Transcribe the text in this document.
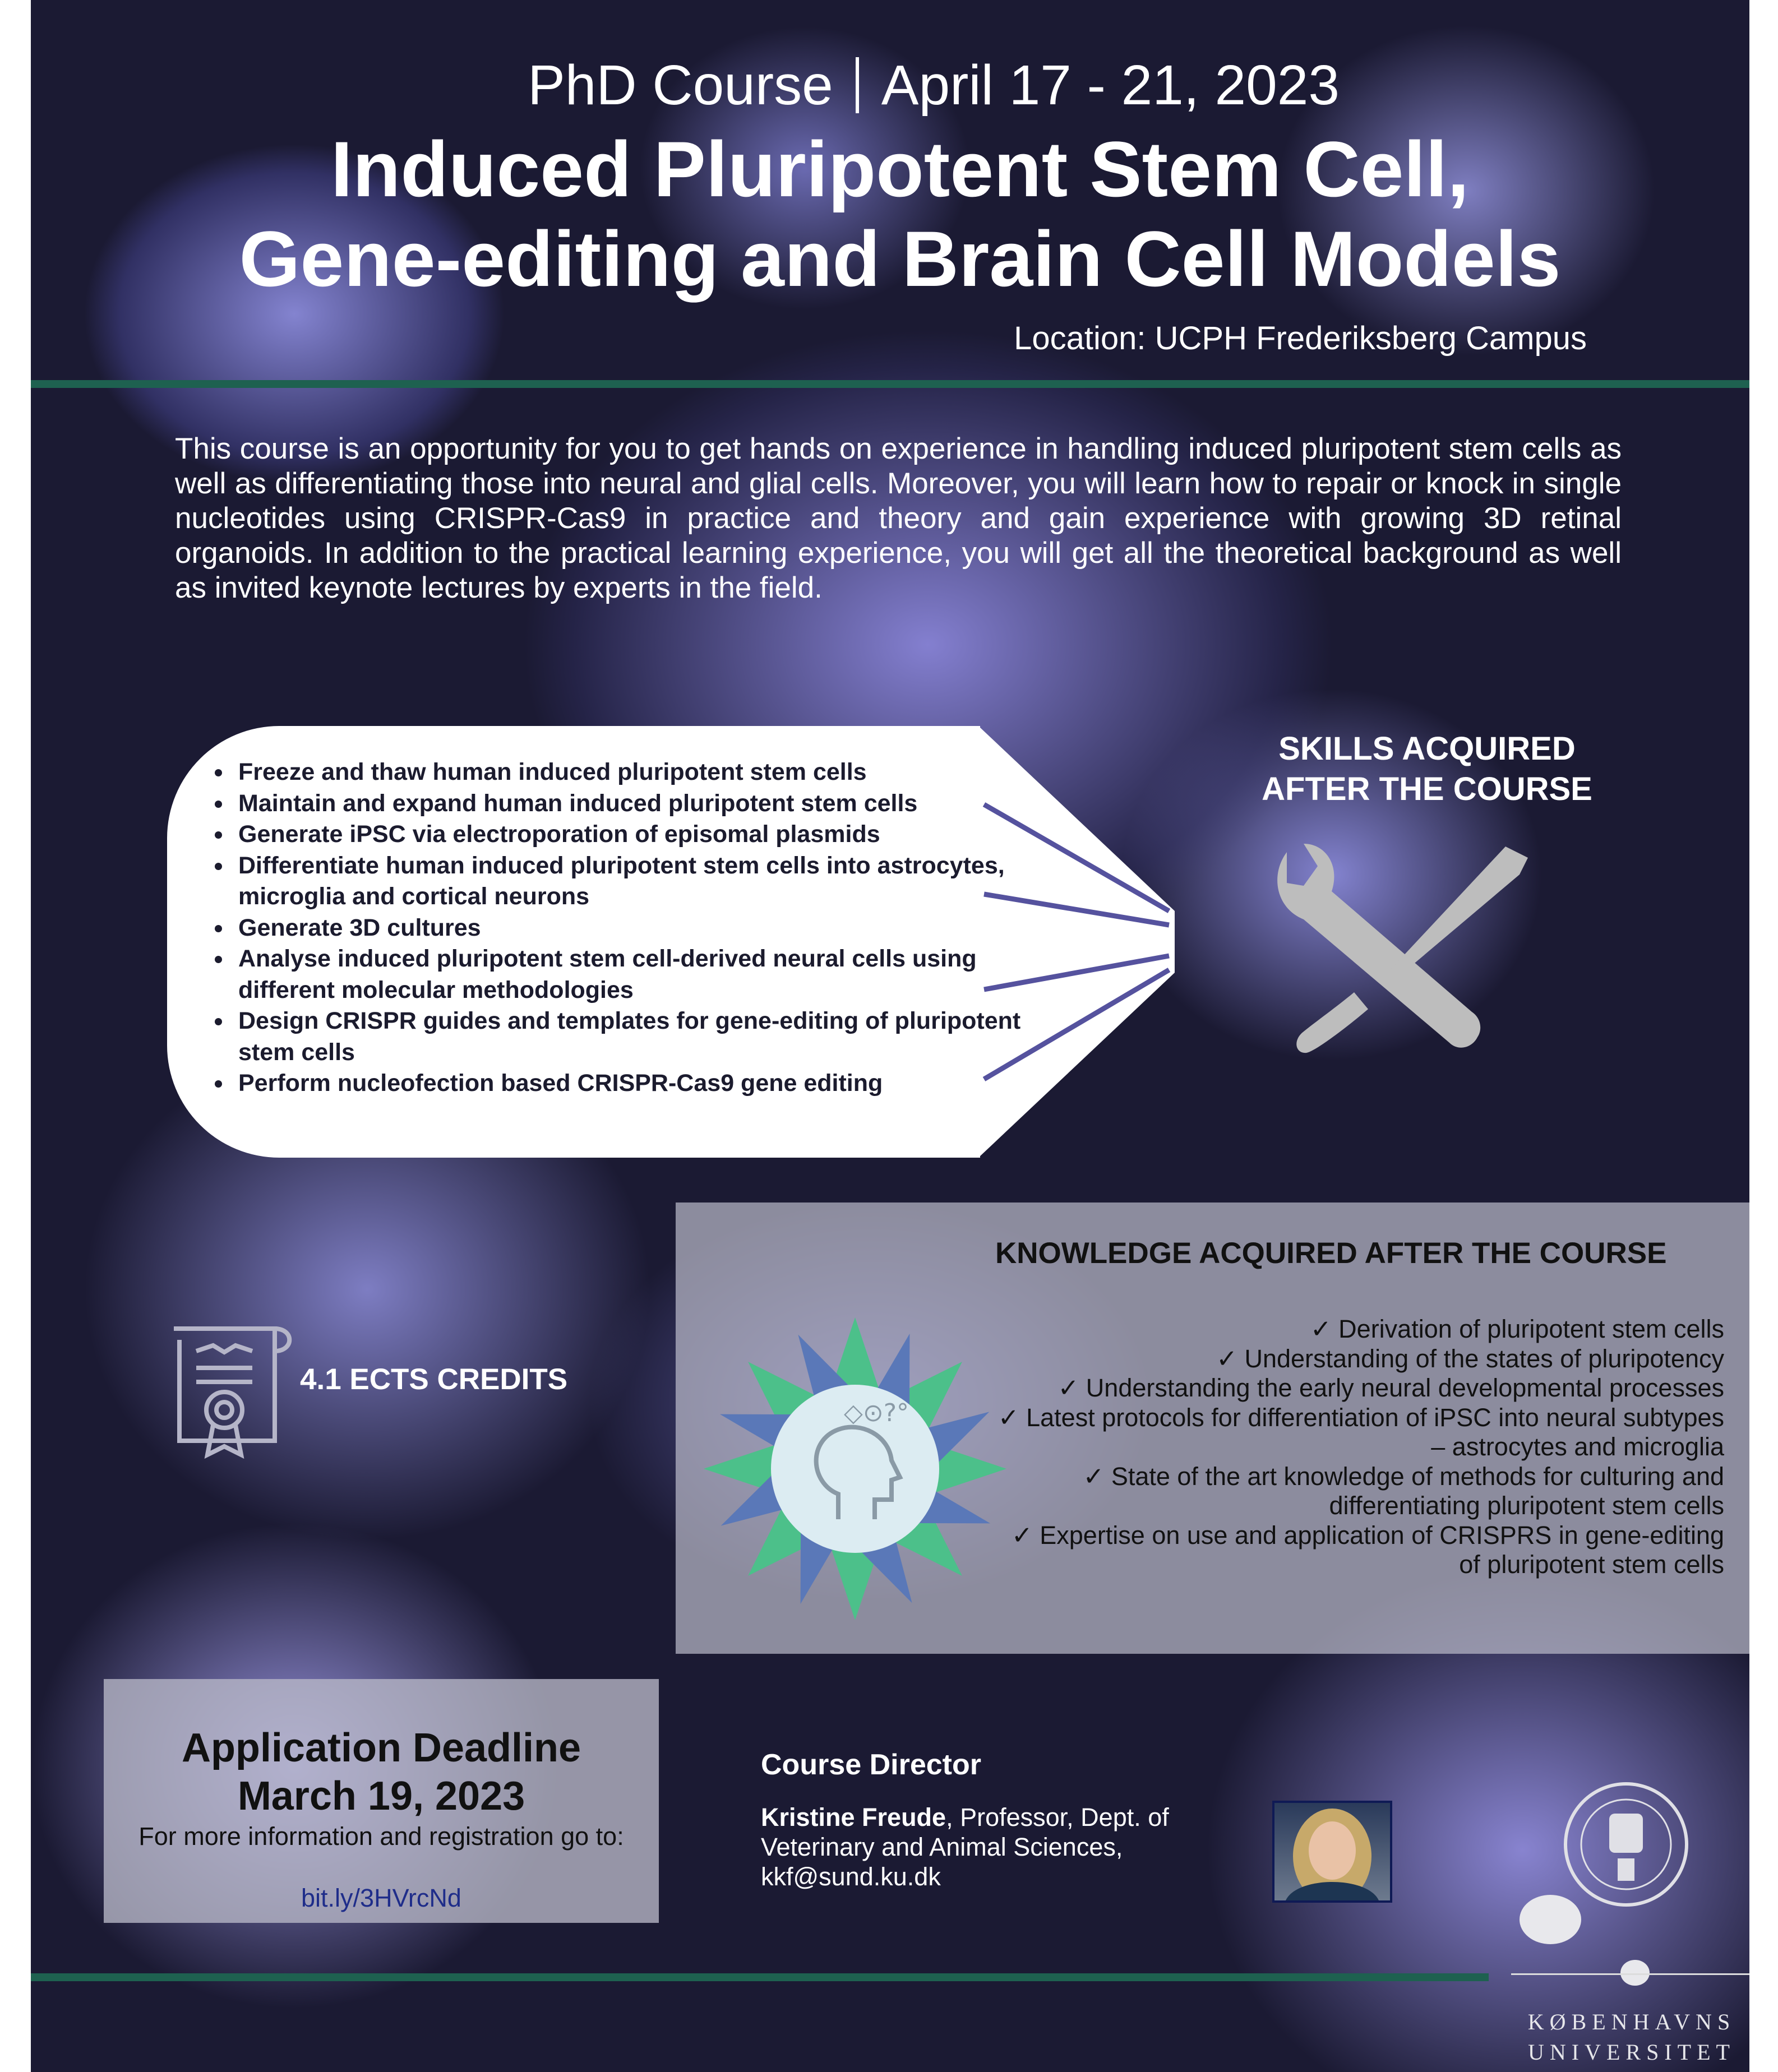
PhD Course April 17 - 21, 2023
Induced Pluripotent Stem Cell,
Gene-editing and Brain Cell Models
Location: UCPH Frederiksberg Campus
This course is an opportunity for you to get hands on experience in handling induced pluripotent stem cells as well as differentiating those into neural and glial cells. Moreover, you will learn how to repair or knock in single nucleotides using CRISPR-Cas9 in practice and theory and gain experience with growing 3D retinal organoids. In addition to the practical learning experience, you will get all the theoretical background as well as invited keynote lectures by experts in the field.
• Freeze and thaw human induced pluripotent stem cells
• Maintain and expand human induced pluripotent stem cells
• Generate iPSC via electroporation of episomal plasmids
• Differentiate human induced pluripotent stem cells into astrocytes, microglia and cortical neurons
• Generate 3D cultures
• Analyse induced pluripotent stem cell-derived neural cells using different molecular methodologies
• Design CRISPR guides and templates for gene-editing of pluripotent stem cells
• Perform nucleofection based CRISPR-Cas9 gene editing
SKILLS ACQUIRED
AFTER THE COURSE
KNOWLEDGE ACQUIRED AFTER THE COURSE
✓ Derivation of pluripotent stem cells
✓ Understanding of the states of pluripotency
✓ Understanding the early neural developmental processes
✓ Latest protocols for differentiation of iPSC into neural subtypes – astrocytes and microglia
✓ State of the art knowledge of methods for culturing and differentiating pluripotent stem cells
✓ Expertise on use and application of CRISPRS in gene-editing of pluripotent stem cells
◇⊙?°
4.1 ECTS CREDITS
Application Deadline
March 19, 2023
For more information and registration go to:
bit.ly/3HVrcNd
Course Director
Kristine Freude, Professor, Dept. of Veterinary and Animal Sciences,
kkf@sund.ku.dk
KØBENHAVNS
UNIVERSITET
